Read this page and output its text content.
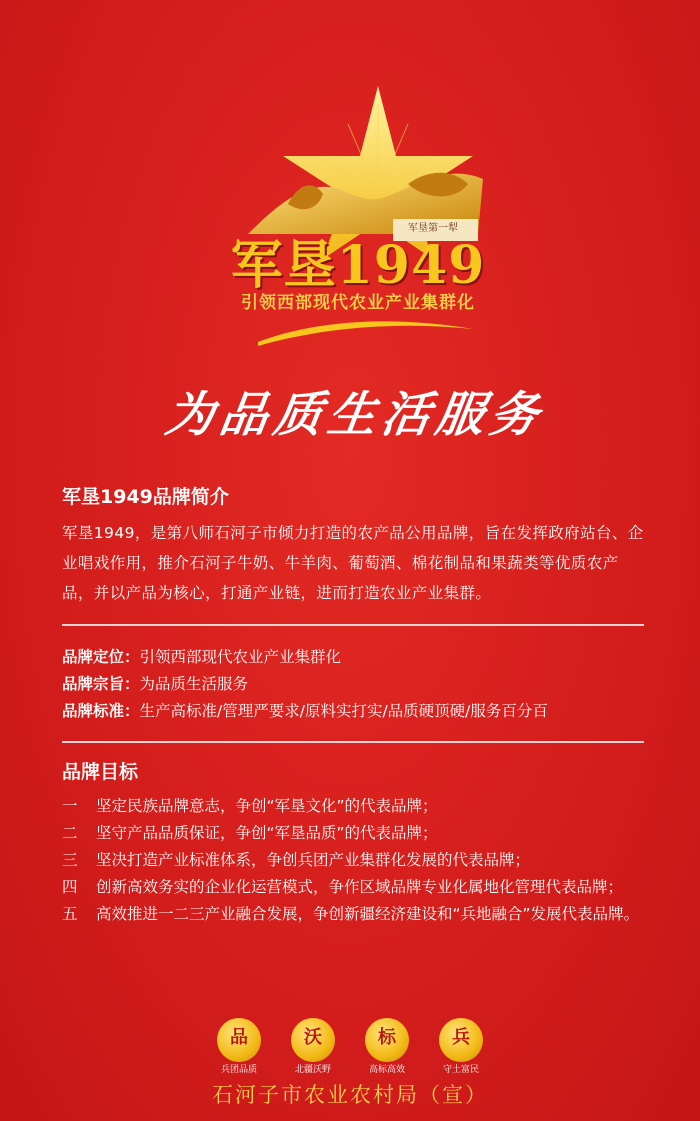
军垦第一犁
军垦1949
引领西部现代农业产业集群化
为品质生活服务
军垦1949品牌简介

军垦1949，是第八师石河子市倾力打造的农产品公用品牌，旨在发挥政府站台、企业唱戏作用，推介石河子牛奶、牛羊肉、葡萄酒、棉花制品和果蔬类等优质农产品，并以产品为核心，打通产业链，进而打造农业产业集群。

品牌定位：引领西部现代农业产业集群化
品牌宗旨：为品质生活服务
品牌标准：生产高标准/管理严要求/原料实打实/品质硬顶硬/服务百分百
品牌目标
一	坚定民族品牌意志，争创“军垦文化”的代表品牌；
二	坚守产品品质保证，争创“军垦品质”的代表品牌；
三	坚决打造产业标准体系，争创兵团产业集群化发展的代表品牌；
四	创新高效务实的企业化运营模式，争作区域品牌专业化属地化管理代表品牌；
五	高效推进一二三产业融合发展，争创新疆经济建设和“兵地融合”发展代表品牌。
品
兵团品质
沃
北疆沃野
标
高标高效
兵
守土富民
石河子市农业农村局（宣）
